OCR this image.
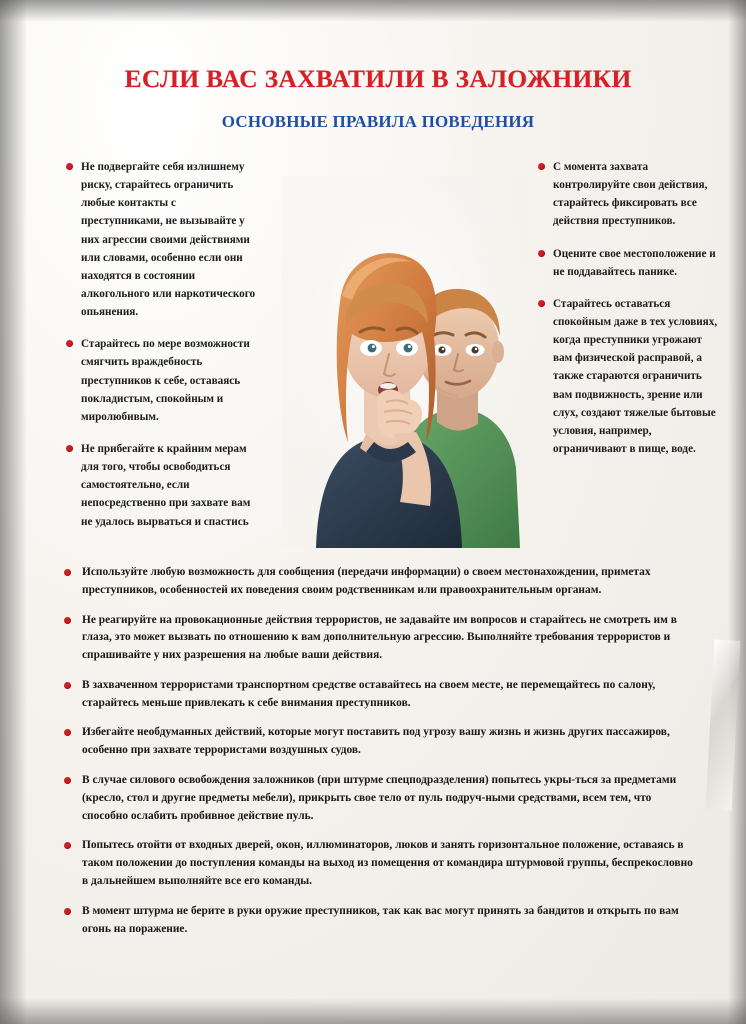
ЕСЛИ ВАС ЗАХВАТИЛИ В ЗАЛОЖНИКИ
ОСНОВНЫЕ ПРАВИЛА ПОВЕДЕНИЯ
Не подвергайте себя излишнему риску, старайтесь ограничить любые контакты с преступниками, не вызывайте у них агрессии своими действиями или словами, особенно если они находятся в состоянии алкогольного или наркотического опьянения.
Старайтесь по мере возможности смягчить враждебность преступников к себе, оставаясь покладистым, спокойным и миролюбивым.
Не прибегайте к крайним мерам для того, чтобы освободиться самостоятельно, если непосредственно при захвате вам не удалось вырваться и спастись
С момента захвата контролируйте свои действия, старайтесь фиксировать все действия преступников.
Оцените свое местоположение и не поддавайтесь панике.
Старайтесь оставаться спокойным даже в тех условиях, когда преступники угрожают вам физической расправой, а также стараются ограничить вам подвижность, зрение или слух, создают тяжелые бытовые условия, например, ограничивают в пище, воде.
Используйте любую возможность для сообщения (передачи информации) о своем местонахождении, приметах преступников, особенностей их поведения своим родственникам или правоохранительным органам.
Не реагируйте на провокационные действия террористов, не задавайте им вопросов и старайтесь не смотреть им в глаза, это может вызвать по отношению к вам дополнительную агрессию. Выполняйте требования террористов и спрашивайте у них разрешения на любые ваши действия.
В захваченном террористами транспортном средстве оставайтесь на своем месте, не перемещайтесь по салону, старайтесь меньше привлекать к себе внимания преступников.
Избегайте необдуманных действий, которые могут поставить под угрозу вашу жизнь и жизнь других пассажиров, особенно при захвате террористами воздушных судов.
В случае силового освобождения заложников (при штурме спецподразделения) попытесь укры-ться за предметами (кресло, стол и другие предметы мебели), прикрыть свое тело от пуль подруч-ными средствами, всем тем, что способно ослабить пробивное действие пуль.
Попытесь отойти от входных дверей, окон, иллюминаторов, люков и занять горизонтальное положение, оставаясь в таком положении до поступления команды на выход из помещения от командира штурмовой группы, беспрекословно в дальнейшем выполняйте все его команды.
В момент штурма не берите в руки оружие преступников, так как вас могут принять за бандитов и открыть по вам огонь на поражение.
